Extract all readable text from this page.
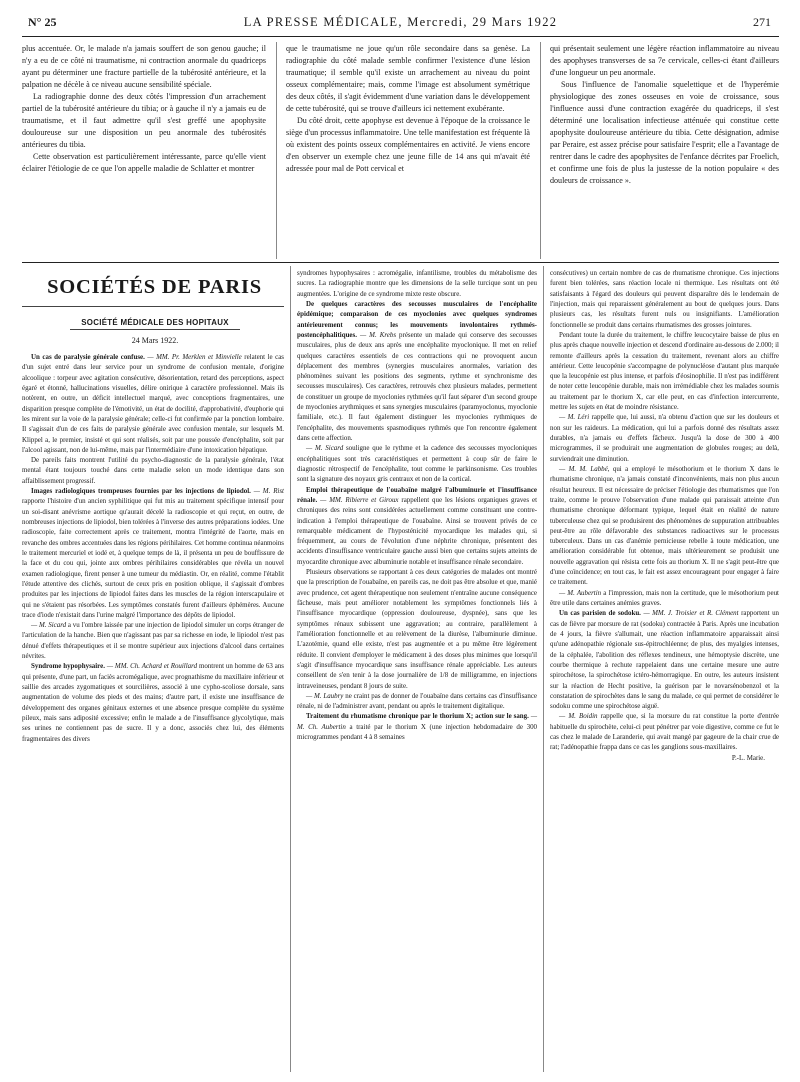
N° 25	LA PRESSE MÉDICALE, Mercredi, 29 Mars 1922	271

plus accentuée. Or, le malade n'a jamais souffert de son genou gauche; il n'y a eu de ce côté ni traumatisme, ni contraction anormale du quadriceps ayant pu déterminer une fracture partielle de la tubérosité antérieure, et la palpation ne décèle à ce niveau aucune sensibilité spéciale.

La radiographie donne des deux côtés l'impression d'un arrachement partiel de la tubérosité antérieure du tibia; or à gauche il n'y a jamais eu de traumatisme, et il faut admettre qu'il s'est greffé une apophysite douloureuse sur une disposition un peu anormale des tubérosités antérieures du tibia.

Cette observation est particulièrement intéressante, parce qu'elle vient éclairer l'étiologie de ce que l'on appelle maladie de Schlatter et montrer

que le traumatisme ne joue qu'un rôle secondaire dans sa genèse. La radiographie du côté malade semble confirmer l'existence d'une lésion traumatique; il semble qu'il existe un arrachement au niveau du point osseux complémentaire; mais, comme l'image est absolument symétrique des deux côtés, il s'agit évidemment d'une variation dans le développement de cette tubérosité, qui se trouve d'ailleurs ici nettement exubérante.

Du côté droit, cette apophyse est devenue à l'époque de la croissance le siège d'un processus inflammatoire. Une telle manifestation est fréquente là où existent des points osseux complémentaires en activité. Je viens encore d'en observer un exemple chez une jeune fille de 14 ans qui m'avait été adressée pour mal de Pott cervical et

qui présentait seulement une légère réaction inflammatoire au niveau des apophyses transverses de sa 7e cervicale, celles-ci étant d'ailleurs d'une longueur un peu anormale.

Sous l'influence de l'anomalie squelettique et de l'hyperémie physiologique des zones osseuses en voie de croissance, sous l'influence aussi d'une contraction exagérée du quadriceps, il s'est déterminé une localisation infectieuse atténuée qui constitue cette apophysite douloureuse antérieure du tibia. Cette désignation, admise par Peraire, est assez précise pour satisfaire l'esprit; elle a l'avantage de rentrer dans le cadre des apophysites de l'enfance décrites par Froelich, et confirme une fois de plus la justesse de la notion populaire « des douleurs de croissance ».

SOCIÉTÉS DE PARIS
SOCIÉTÉ MÉDICALE DES HOPITAUX
24 Mars 1922.

Un cas de paralysie générale confuse. — MM. Pr. Merklen et Minvielle relatent le cas d'un sujet entré dans leur service pour un syndrome de confusion mentale, d'origine alcoolique : torpeur avec agitation consécutive, désorientation, retard des perceptions, aspect égaré et étonné, hallucinations visuelles, délire onirique à caractère professionnel. Mais ils notèrent, en outre, un déficit intellectuel marqué, avec conceptions fragmentaires, une disparition presque complète de l'émotivité, un état de docilité, d'approbativité, d'euphorie qui les mirent sur la voie de la paralysie générale; celle-ci fut confirmée par la ponction lombaire. Il s'agissait d'un de ces faits de paralysie générale avec confusion mentale, sur lesquels M. Klippel a, le premier, insisté et qui sont réalisés, soit par une poussée d'encéphalite, soit par l'alcool agissant, non de lui-même, mais par l'intermédiaire d'une intoxication hépatique.

De pareils faits montrent l'utilité du psycho-diagnostic de la paralysie générale, l'état mental étant toujours touché dans cette maladie selon un mode identique dans son affaiblissement progressif.

Images radiologiques trompeuses fournies par les injections de lipiodol. — M. Rist rapporte l'histoire d'un ancien syphilitique qui fut mis au traitement spécifique intensif pour un soi-disant anévrisme aortique qu'aurait décelé la radioscopie et qui reçut, en outre, de nombreuses injections de lipiodol, bien tolérées à l'inverse des autres préparations iodées. Une radioscopie, faite correctement après ce traitement, montra l'intégrité de l'aorte, mais en revanche des ombres accentuées dans les régions périhilaires. Cet homme continua néanmoins le traitement mercuriel et iodé et, à quelque temps de là, il présenta un peu de bouffissure de la face et du cou qui, jointe aux ombres périhilaires considérables que révéla un nouvel examen radiologique, firent penser à une tumeur du médiastin. Or, en réalité, comme l'établit l'étude attentive des clichés, surtout de ceux pris en position oblique, il s'agissait d'ombres produites par les injections de lipiodol faites dans les muscles de la région interscapulaire et qui ne s'étaient pas résorbées. Les symptômes constatés furent d'ailleurs éphémères. Aucune trace d'iode n'existait dans l'urine malgré l'importance des dépôts de lipiodol.

— M. Sicard a vu l'ombre laissée par une injection de lipiodol simuler un corps étranger de l'articulation de la hanche. Bien que n'agissant pas par sa richesse en iode, le lipiodol n'est pas dénué d'effets thérapeutiques et il se montre supérieur aux injections d'alcool dans certaines névrites.

Syndrome hypophysaire. — MM. Ch. Achard et Rouillard montrent un homme de 63 ans qui présente, d'une part, un faciès acromégalique, avec prognathisme du maxillaire inférieur et saillie des arcades zygomatiques et sourcilières, associé à une cypho-scoliose dorsale, sans augmentation de volume des pieds et des mains; d'autre part, il existe une insuffisance de développement des organes génitaux externes et une absence presque complète du système pileux, mais sans adiposité excessive; enfin le malade a de l'insuffisance glycolytique, mais ses urines ne contiennent pas de sucre. Il y a donc, associés chez lui, des éléments fragmentaires des divers

syndromes hypophysaires : acromégalie, infantilisme, troubles du métabolisme des sucres. La radiographie montre que les dimensions de la selle turcique sont un peu augmentées. L'origine de ce syndrome mixte reste obscure.

De quelques caractères des secousses musculaires de l'encéphalite épidémique; comparaison de ces myoclonies avec quelques syndromes antérieurement connus; les mouvements involontaires rythmés-postencéphalitiques. — M. Krebs présente un malade qui conserve des secousses musculaires, plus de deux ans après une encéphalite myoclonique. Il met en relief quelques caractères essentiels de ces contractions qui ne provoquent aucun déplacement des membres (synergies musculaires anormales, variation des phénomènes suivant les positions des segments, rythme et synchronisme des secousses musculaires). Ces caractères, retrouvés chez plusieurs malades, permettent de constituer un groupe de myoclonies rythmées qu'il faut séparer d'un second groupe de myoclonies arythmiques et sans synergies musculaires (paramyoclonus, myoclonie familiale, etc.). Il faut également distinguer les myoclonies rythmiques de l'encéphalite, des mouvements spasmodiques rythmés que l'on rencontre également dans cette affection.

— M. Sicard souligne que le rythme et la cadence des secousses myocloniques encéphalitiques sont très caractéristiques et permettent à coup sûr de faire le diagnostic rétrospectif de l'encéphalite, tout comme le parkinsonisme. Ces troubles sont la signature des noyaux gris centraux et non de la cortical.

Emploi thérapeutique de l'ouabaïne malgré l'albuminurie et l'insuffisance rénale. — MM. Ribierre et Giroux rappellent que les lésions organiques graves et chroniques des reins sont considérées actuellement comme constituant une contre-indication à l'emploi thérapeutique de l'ouabaïne. Ainsi se trouvent privés de ce remarquable médicament de l'hyposténicité myocardique les malades qui, si fréquemment, au cours de l'évolution d'une néphrite chronique, présentent des accidents d'insuffisance ventriculaire gauche aussi bien que certains sujets atteints de myocardite chronique avec albuminurie notable et insuffisance rénale secondaire.

Plusieurs observations se rapportant à ces deux catégories de malades ont montré que la prescription de l'ouabaïne, en pareils cas, ne doit pas être absolue et que, manié avec prudence, cet agent thérapeutique non seulement n'entraîne aucune conséquence fâcheuse, mais peut améliorer notablement les symptômes fonctionnels liés à l'insuffisance myocardique (oppression douloureuse, dyspnée), sans que les symptômes rénaux subissent une aggravation; au contraire, parallèlement à l'amélioration fonctionnelle et au relèvement de la diurèse, l'albuminurie diminue. L'azotémie, quand elle existe, n'est pas augmentée et a pu même être légèrement réduite. Il convient d'employer le médicament à des doses plus minimes que lorsqu'il s'agit d'insuffisance myocardique sans insuffisance rénale appréciable. Les auteurs conseillent de s'en tenir à la dose journalière de 1/8 de milligramme, en injections intraveineuses, pendant 8 jours de suite.

— M. Laubry ne craint pas de donner de l'ouabaïne dans certains cas d'insuffisance rénale, ni de l'administrer avant, pendant ou après le traitement digitalique.

Traitement du rhumatisme chronique par le thorium X; action sur le sang. — M. Ch. Aubertin a traité par le thorium X (une injection hebdomadaire de 300 microgrammes pendant 4 à 8 semaines

consécutives) un certain nombre de cas de rhumatisme chronique. Ces injections furent bien tolérées, sans réaction locale ni thermique. Les résultats ont été satisfaisants à l'égard des douleurs qui peuvent disparaître dès le lendemain de l'injection, mais qui reparaissent généralement au bout de quelques jours. Dans plusieurs cas, les résultats furent nuls ou insignifiants. L'amélioration fonctionnelle se produit dans certains rhumatismes des grosses jointures.

Pendant toute la durée du traitement, le chiffre leucocytaire baisse de plus en plus après chaque nouvelle injection et descend d'ordinaire au-dessous de 2.000; il remonte d'ailleurs après la cessation du traitement, revenant alors au chiffre antérieur. Cette leucopénie s'accompagne de polynucléose d'autant plus marquée que la leucopénie est plus intense, et parfois d'éosinophilie. Il n'est pas indifférent de noter cette leucopénie durable, mais non irrémédiable chez les malades soumis au traitement par le thorium X, car elle peut, en cas d'infection intercurrente, mettre les sujets en état de moindre résistance.

— M. Léri rappelle que, lui aussi, n'a obtenu d'action que sur les douleurs et non sur les raideurs. La médication, qui lui a parfois donné des résultats assez durables, n'a jamais eu d'effets fâcheux. Jusqu'à la dose de 300 à 400 microgrammes, il se produirait une augmentation de globules rouges; au delà, surviendrait une diminution.

— M. M. Labbé, qui a employé le mésothorium et le thorium X dans le rhumatisme chronique, n'a jamais constaté d'inconvénients, mais non plus aucun résultat heureux. Il est nécessaire de préciser l'étiologie des rhumatismes que l'on traite, comme le prouve l'observation d'une malade qui paraissait atteinte d'un rhumatisme chronique déformant typique, lequel était en réalité de nature tuberculeuse chez qui se produisirent des phénomènes de suppuration attribuables peut-être au rôle défavorable des substances radioactives sur le processus tuberculeux. Dans un cas d'anémie pernicieuse rebelle à toute médication, une amélioration considérable fut obtenue, mais ultérieurement se produisit une nouvelle aggravation qui résista cette fois au thorium X. Il ne s'agit peut-être que d'une coïncidence; en tout cas, le fait est assez encourageant pour engager à faire ce traitement.

— M. Aubertin a l'impression, mais non la certitude, que le mésothorium peut être utile dans certaines anémies graves.

Un cas parisien de sodoku. — MM. J. Troisier et R. Clément rapportent un cas de fièvre par morsure de rat (sodoku) contractée à Paris. Après une incubation de 4 jours, la fièvre s'allumait, une réaction inflammatoire apparaissait ainsi qu'une adénopathie régionale sus-épitrochléenne; de plus, des myalgies intenses, de la céphalée, l'abolition des réflexes tendineux, une hémoptysie discrète, une courbe thermique à rechute rappelaient dans une certaine mesure une autre spirochétose, la spirochétose ictéro-hémorragique. En outre, les auteurs insistent sur la réaction de Hecht positive, la guérison par le novarsénobenzol et la constatation de spirochètes dans le sang du malade, ce qui permet de considérer le sodoku comme une spirochétose aiguë.

— M. Boidin rappelle que, si la morsure du rat constitue la porte d'entrée habituelle du spirochète, celui-ci peut pénétrer par voie digestive, comme ce fut le cas chez le malade de Laranderie, qui avait mangé par gageure de la chair crue de rat; l'adénopathie frappa dans ce cas les ganglions sous-maxillaires.

P.-L. Marie.
